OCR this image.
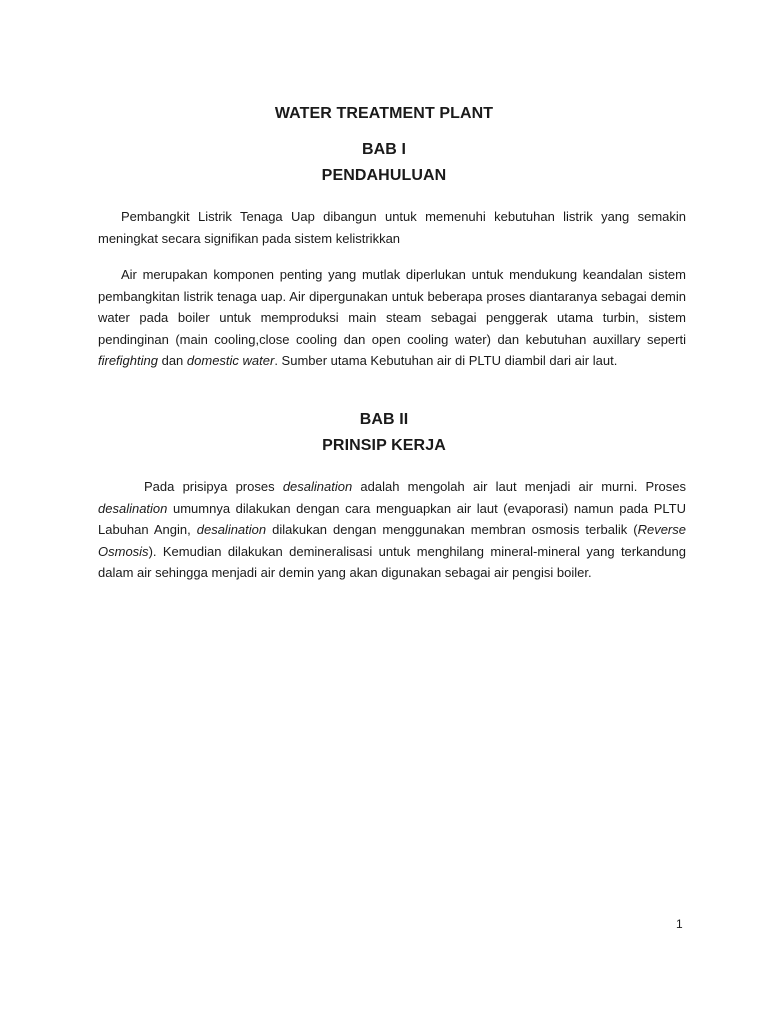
WATER TREATMENT PLANT
BAB I
PENDAHULUAN

Pembangkit Listrik Tenaga Uap dibangun untuk memenuhi kebutuhan listrik yang semakin meningkat secara signifikan pada sistem kelistrikkan

Air merupakan komponen penting yang mutlak diperlukan untuk mendukung keandalan sistem pembangkitan listrik tenaga uap. Air dipergunakan untuk beberapa proses diantaranya sebagai demin water pada boiler untuk memproduksi main steam sebagai penggerak utama turbin, sistem pendinginan (main cooling,close cooling dan open cooling water) dan kebutuhan auxillary seperti firefighting dan domestic water. Sumber utama Kebutuhan air di PLTU diambil dari air laut.

BAB II
PRINSIP KERJA

Pada prisipya proses desalination adalah mengolah air laut menjadi air murni. Proses desalination umumnya dilakukan dengan cara menguapkan air laut (evaporasi) namun pada PLTU Labuhan Angin, desalination dilakukan dengan menggunakan membran osmosis terbalik (Reverse Osmosis). Kemudian dilakukan demineralisasi untuk menghilang mineral-mineral yang terkandung dalam air sehingga menjadi air demin yang akan digunakan sebagai air pengisi boiler.

1
